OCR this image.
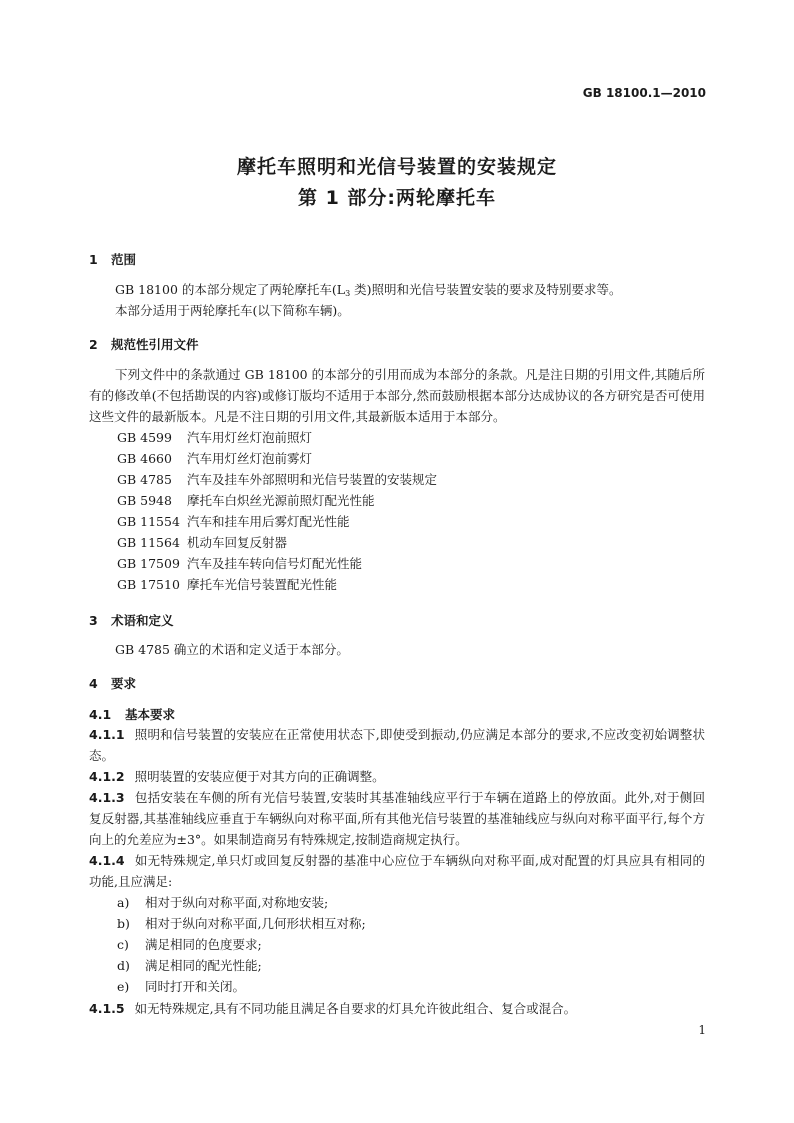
GB 18100.1—2010
摩托车照明和光信号装置的安装规定
第 1 部分:两轮摩托车
1 范围
GB 18100 的本部分规定了两轮摩托车($L_3$ 类)照明和光信号装置安装的要求及特别要求等。
本部分适用于两轮摩托车(以下简称车辆)。
2 规范性引用文件
下列文件中的条款通过 GB 18100 的本部分的引用而成为本部分的条款。凡是注日期的引用文件,其随后所有的修改单(不包括勘误的内容)或修订版均不适用于本部分,然而鼓励根据本部分达成协议的各方研究是否可使用这些文件的最新版本。凡是不注日期的引用文件,其最新版本适用于本部分。
GB 4599 汽车用灯丝灯泡前照灯
GB 4660 汽车用灯丝灯泡前雾灯
GB 4785 汽车及挂车外部照明和光信号装置的安装规定
GB 5948 摩托车白炽丝光源前照灯配光性能
GB 11554 汽车和挂车用后雾灯配光性能
GB 11564 机动车回复反射器
GB 17509 汽车及挂车转向信号灯配光性能
GB 17510 摩托车光信号装置配光性能
3 术语和定义
GB 4785 确立的术语和定义适于本部分。
4 要求
4.1 基本要求
4.1.1 照明和信号装置的安装应在正常使用状态下,即使受到振动,仍应满足本部分的要求,不应改变初始调整状态。
4.1.2 照明装置的安装应便于对其方向的正确调整。
4.1.3 包括安装在车侧的所有光信号装置,安装时其基准轴线应平行于车辆在道路上的停放面。此外,对于侧回复反射器,其基准轴线应垂直于车辆纵向对称平面,所有其他光信号装置的基准轴线应与纵向对称平面平行,每个方向上的允差应为±3°。如果制造商另有特殊规定,按制造商规定执行。
4.1.4 如无特殊规定,单只灯或回复反射器的基准中心应位于车辆纵向对称平面,成对配置的灯具应具有相同的功能,且应满足:
a) 相对于纵向对称平面,对称地安装;
b) 相对于纵向对称平面,几何形状相互对称;
c) 满足相同的色度要求;
d) 满足相同的配光性能;
e) 同时打开和关闭。
4.1.5 如无特殊规定,具有不同功能且满足各自要求的灯具允许彼此组合、复合或混合。
1
